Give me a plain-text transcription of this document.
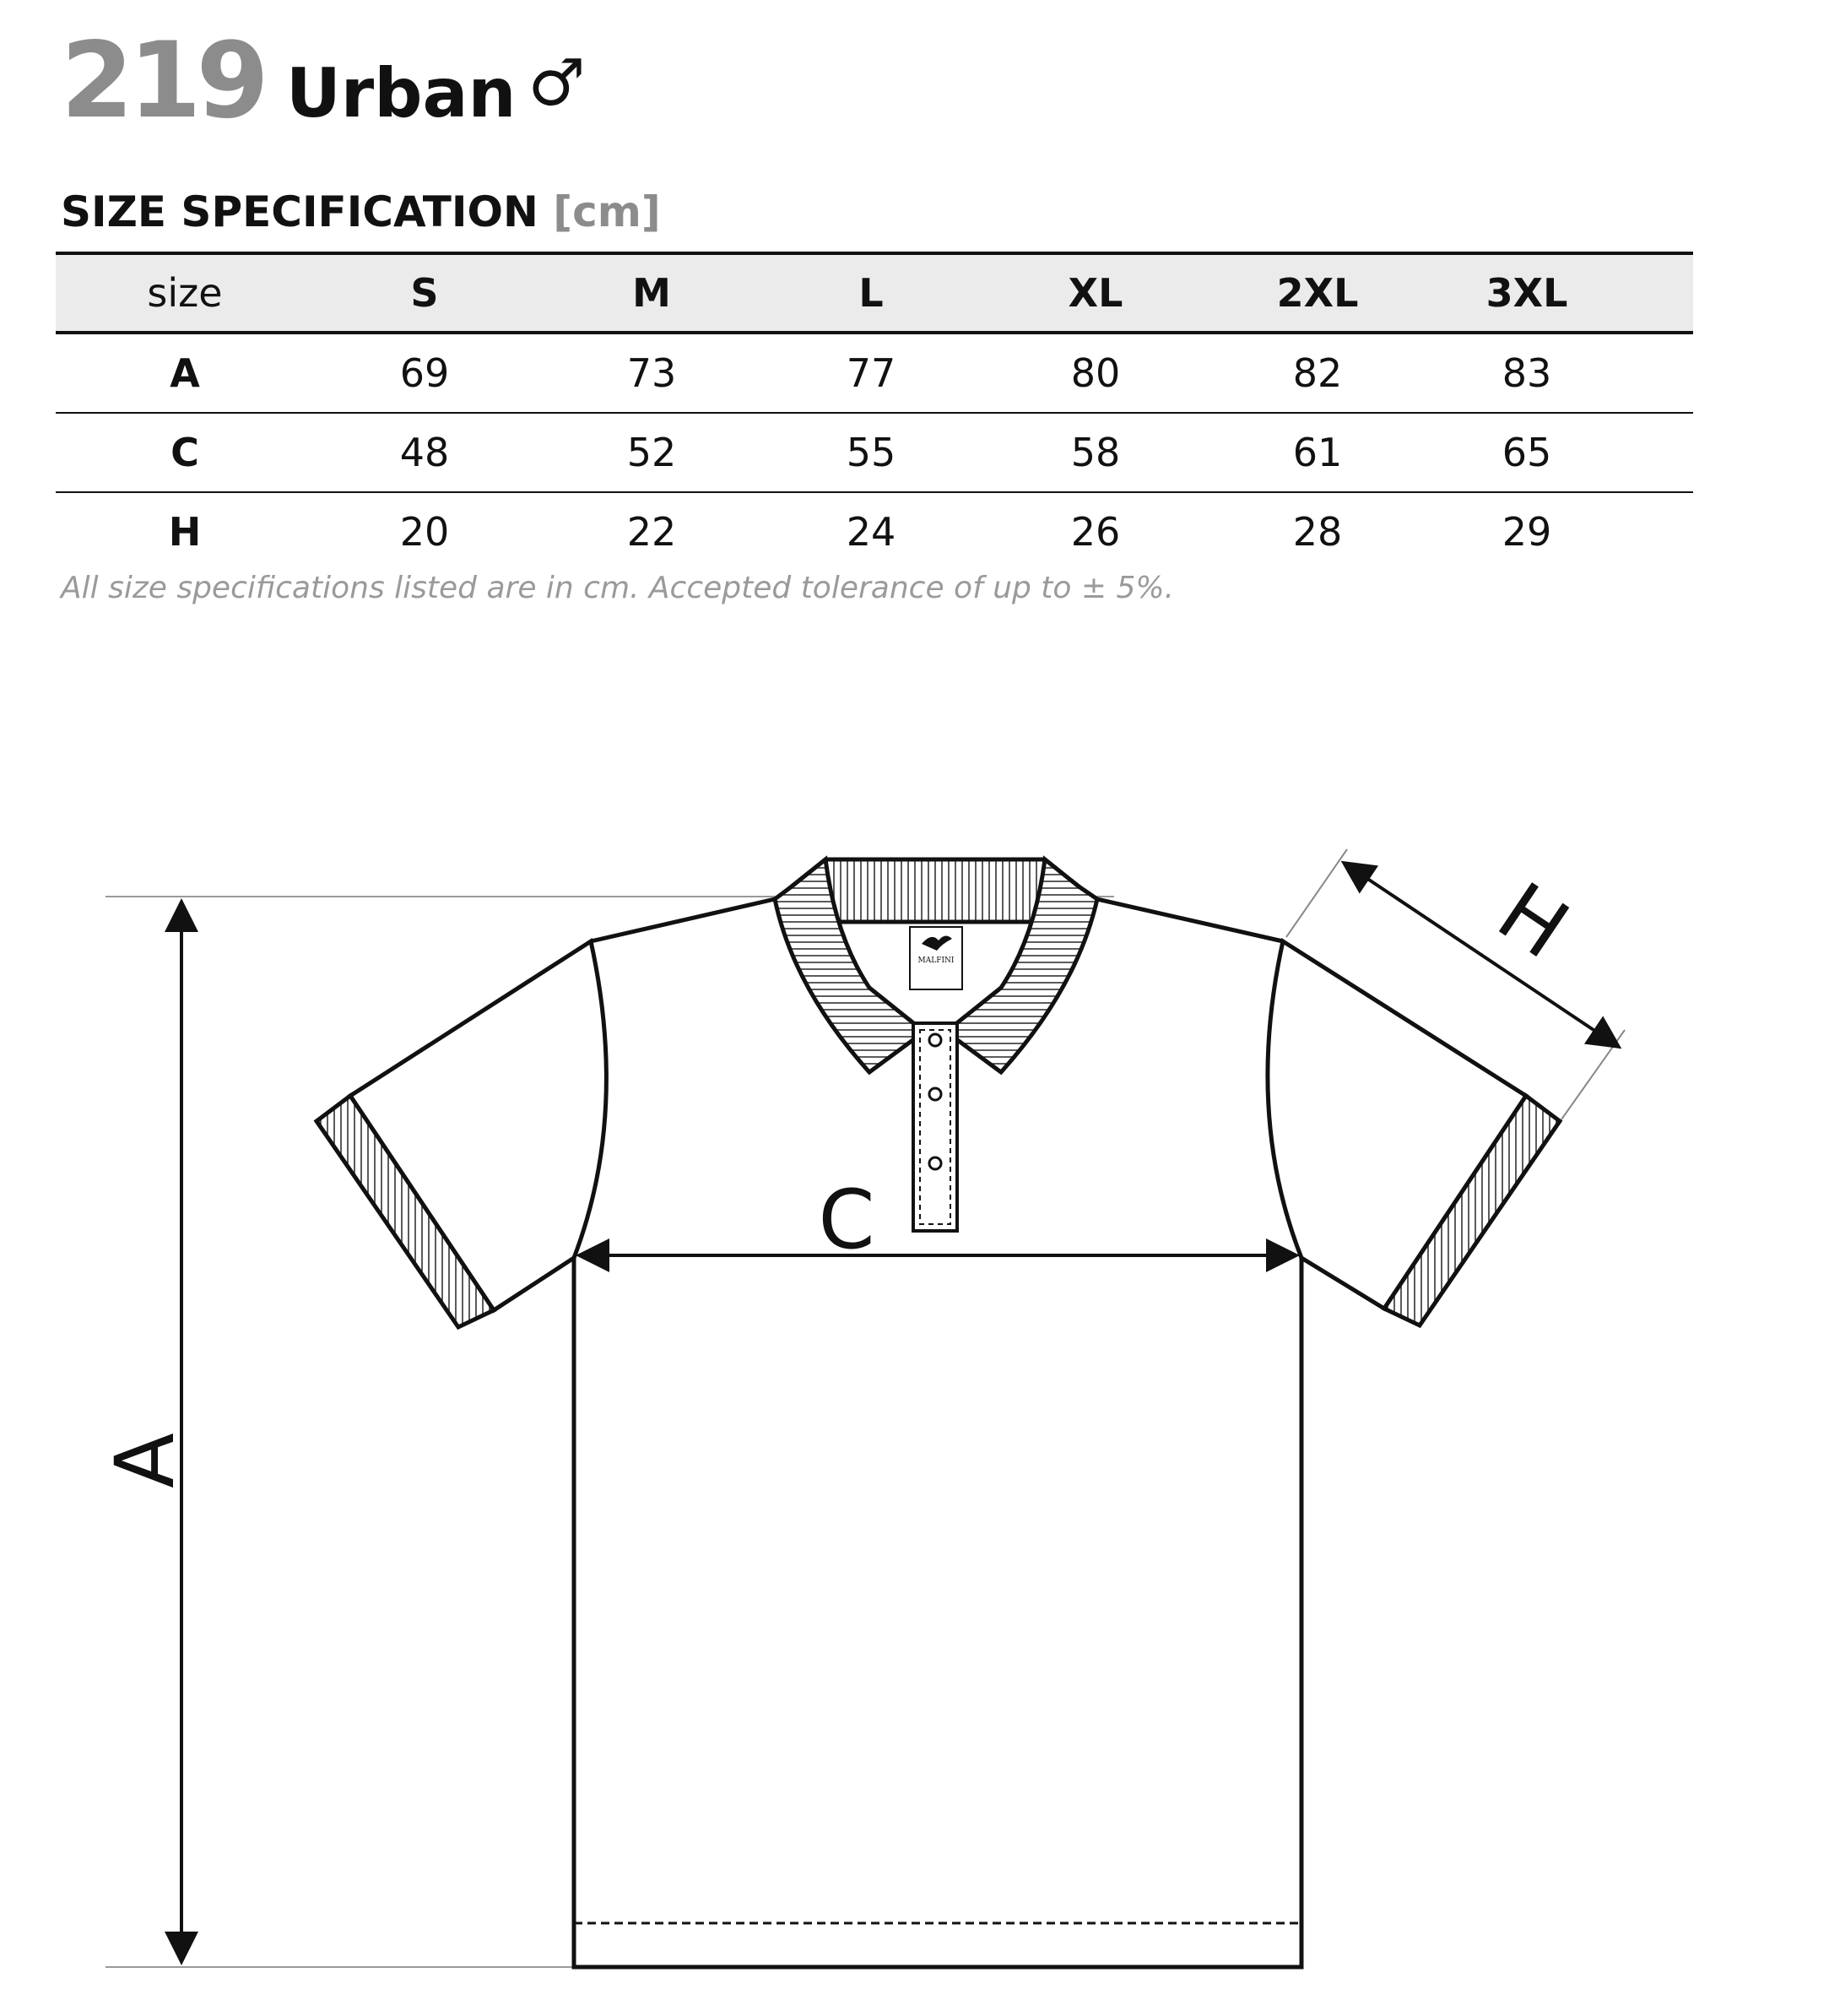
219 Urban ♂
SIZE SPECIFICATION [cm]
size	S	M	L	XL	2XL	3XL
A	69	73	77	80	82	83
C	48	52	55	58	61	65
H	20	22	24	26	28	29
All size specifications listed are in cm. Accepted tolerance of up to ± 5%.
A
MALFINI
C
H
